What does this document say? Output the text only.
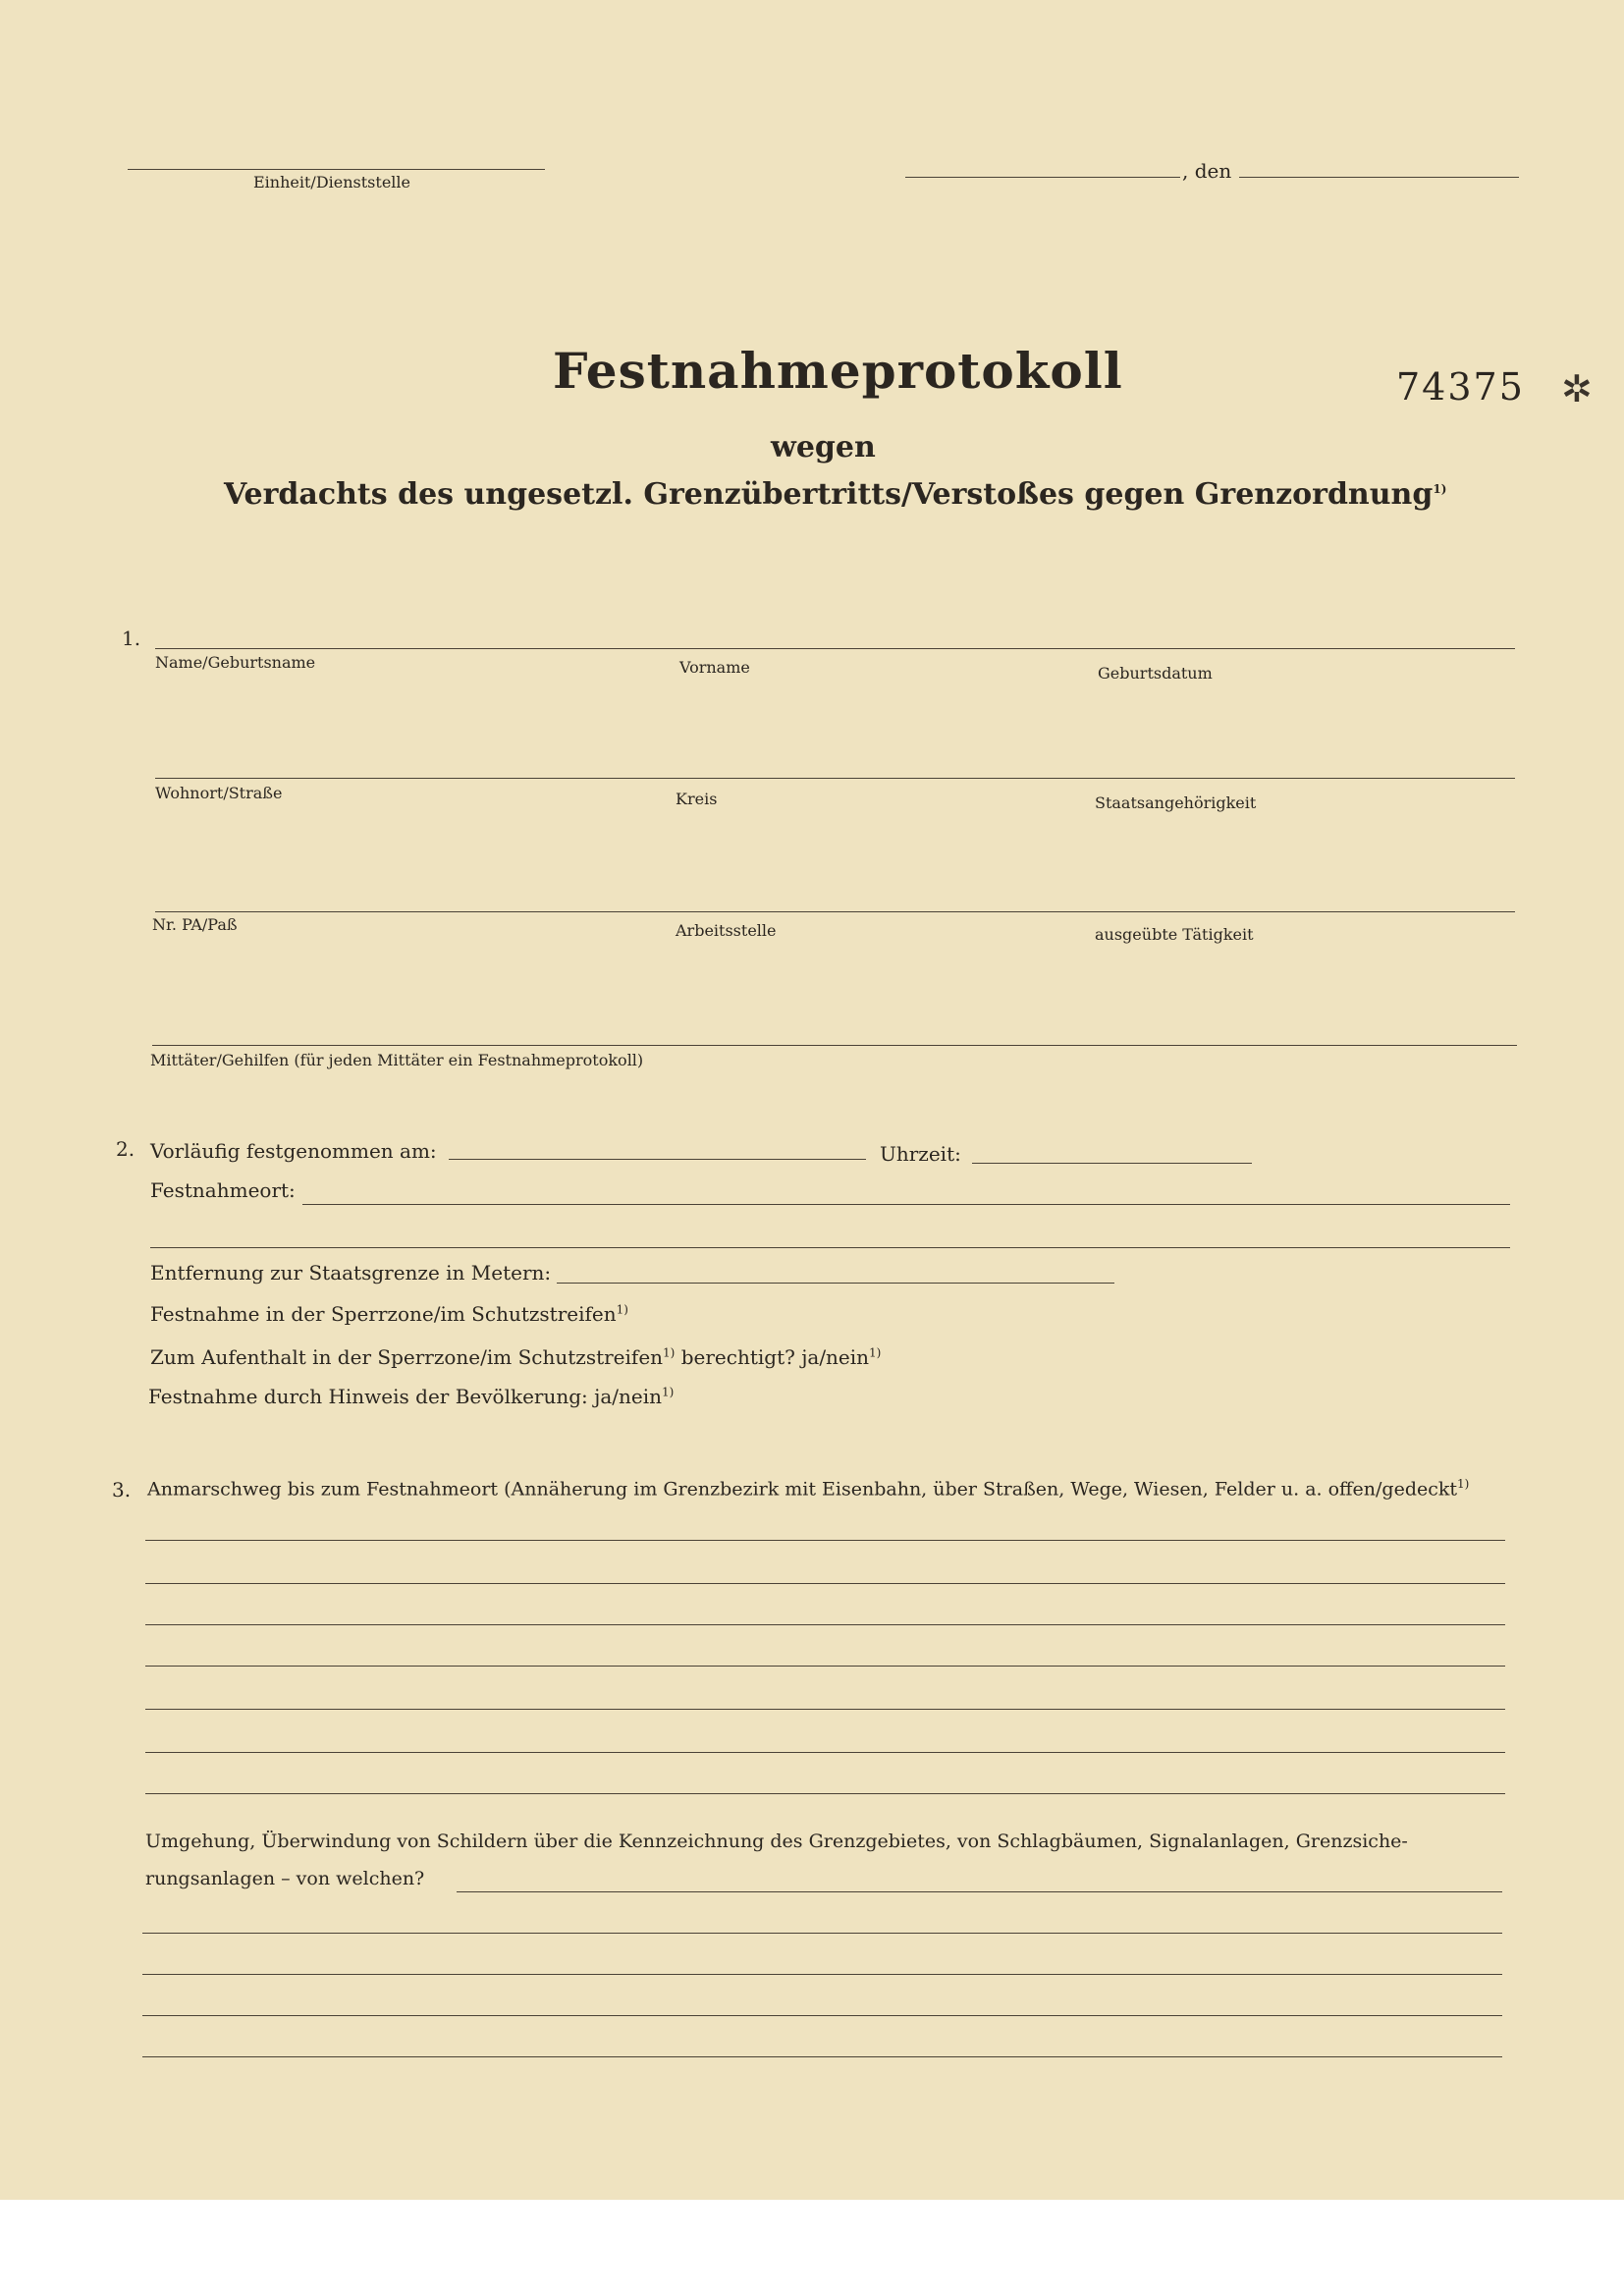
Einheit/Dienststelle	, den
Festnahmeprotokoll	74375 ✲
wegen
Verdachts des ungesetzl. Grenzübertritts/Verstoßes gegen Grenzordnung$^{1)}$
1.
Name/Geburtsname	Vorname	Geburtsdatum
Wohnort/Straße	Kreis	Staatsangehörigkeit
Nr. PA/Paß	Arbeitsstelle	ausgeübte Tätigkeit
Mittäter/Gehilfen (für jeden Mittäter ein Festnahmeprotokoll)
2. Vorläufig festgenommen am:	Uhrzeit:
Festnahmeort:
Entfernung zur Staatsgrenze in Metern:
Festnahme in der Sperrzone/im Schutzstreifen$^{1)}$
Zum Aufenthalt in der Sperrzone/im Schutzstreifen$^{1)}$ berechtigt? ja/nein$^{1)}$
Festnahme durch Hinweis der Bevölkerung: ja/nein$^{1)}$
3. Anmarschweg bis zum Festnahmeort (Annäherung im Grenzbezirk mit Eisenbahn, über Straßen, Wege, Wiesen, Felder u. a. offen/gedeckt$^{1)}$
Umgehung, Überwindung von Schildern über die Kennzeichnung des Grenzgebietes, von Schlagbäumen, Signalanlagen, Grenzsiche-
rungsanlagen – von welchen?
